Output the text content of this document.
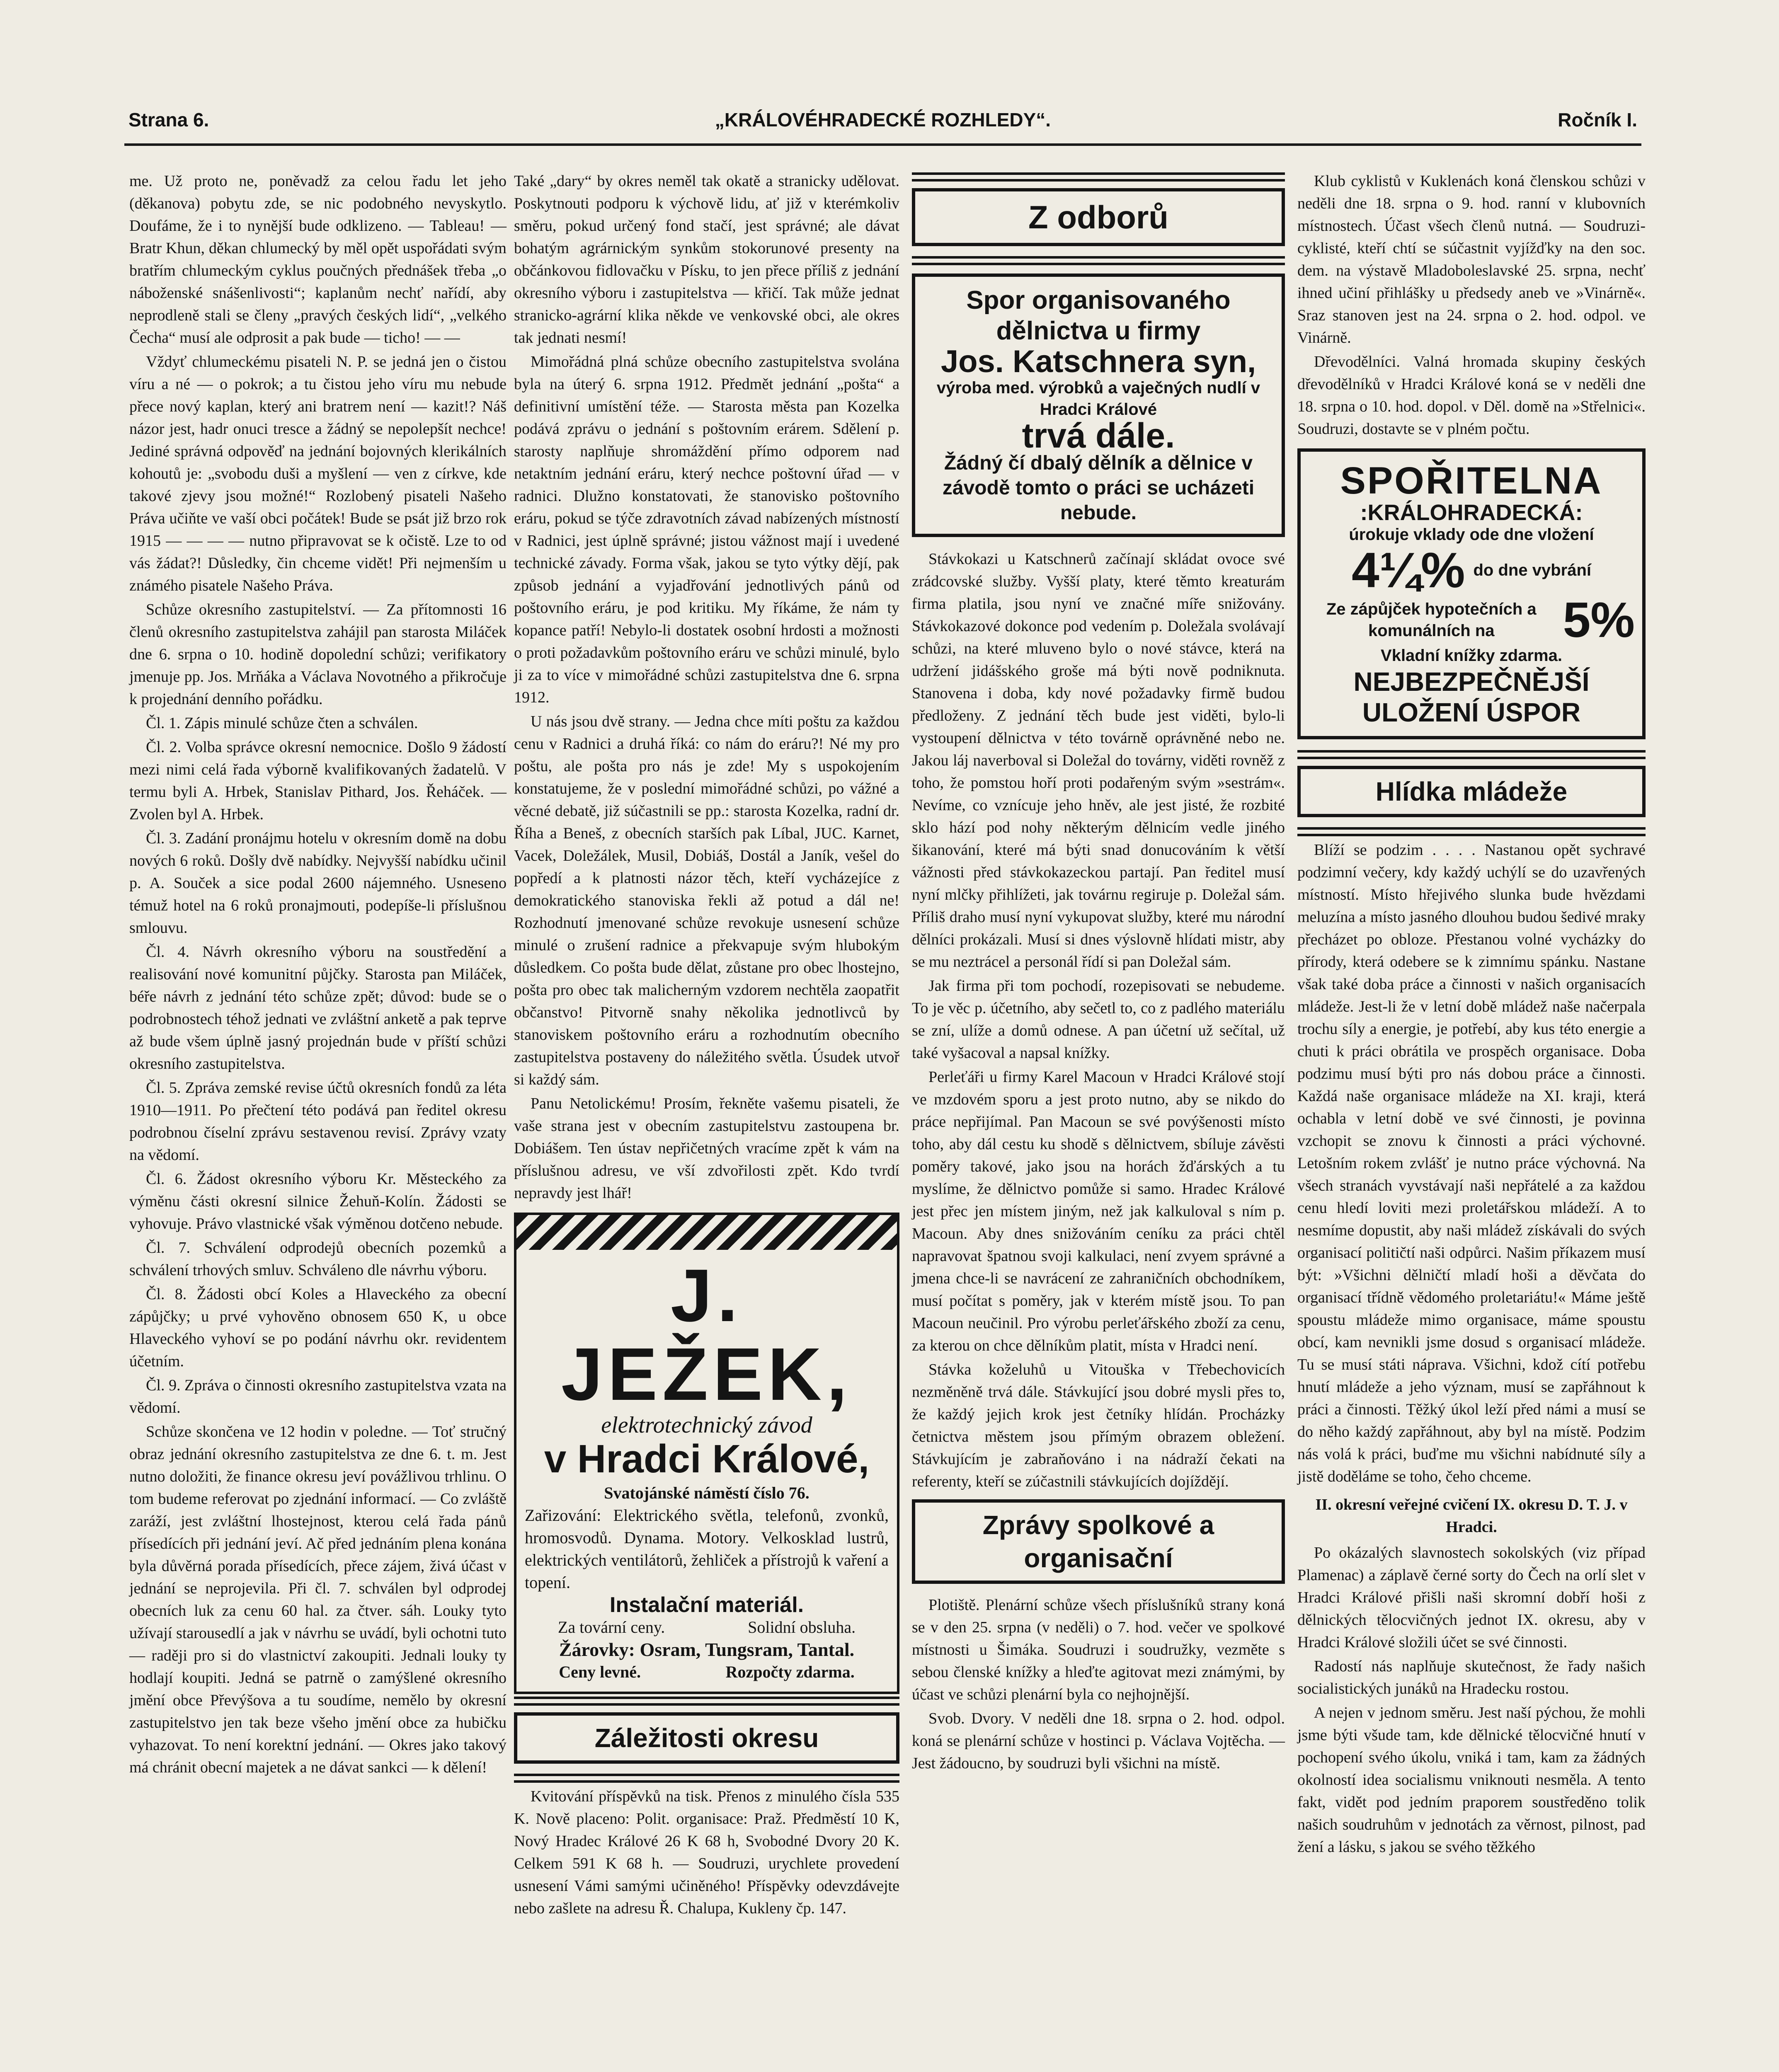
Strana 6.	„KRÁLOVÉHRADECKÉ ROZHLEDY“.	Ročník I.

me. Už proto ne, poněvadž za celou řadu let jeho (děkanova) pobytu zde, se nic podobného nevyskytlo. Doufáme, že i to nynější bude odklizeno. — Tableau! — Bratr Khun, děkan chlumecký by měl opět uspořádati svým bratřím chlumeckým cyklus poučných přednášek třeba „o náboženské snášenlivosti“; kaplanům nechť nařídí, aby neprodleně stali se členy „pravých českých lidí“, „velkého Čecha“ musí ale odprosit a pak bude — ticho! — —

Vždyť chlumeckému pisateli N. P. se jedná jen o čistou víru a né — o pokrok; a tu čistou jeho víru mu nebude přece nový kaplan, který ani bratrem není — kazit!? Náš názor jest, hadr onuci tresce a žádný se nepolepšít nechce! Jediné správná odpověď na jednání bojovných klerikálních kohoutů je: „svobodu duši a myšlení — ven z církve, kde takové zjevy jsou možné!“ Rozlobený pisateli Našeho Práva učiňte ve vaší obci počátek! Bude se psát již brzo rok 1915 — — — — nutno připravovat se k očistě. Lze to od vás žádat?! Důsledky, čin chceme vidět! Při nejmenším u známého pisatele Našeho Práva.

Schůze okresního zastupitelství. — Za přítomnosti 16 členů okresního zastupitelstva zahájil pan starosta Miláček dne 6. srpna o 10. hodině dopolední schůzi; verifikatory jmenuje pp. Jos. Mrňáka a Václava Novotného a přikročuje k projednání denního pořádku.

Čl. 1. Zápis minulé schůze čten a schválen.

Čl. 2. Volba správce okresní nemocnice. Došlo 9 žádostí mezi nimi celá řada výborně kvalifikovaných žadatelů. V termu byli A. Hrbek, Stanislav Pithard, Jos. Řeháček. — Zvolen byl A. Hrbek.

Čl. 3. Zadání pronájmu hotelu v okresním domě na dobu nových 6 roků. Došly dvě nabídky. Nejvyšší nabídku učinil p. A. Souček a sice podal 2600 nájemného. Usneseno témuž hotel na 6 roků pronajmouti, podepíše-li příslušnou smlouvu.

Čl. 4. Návrh okresního výboru na soustředění a realisování nové komunitní půjčky. Starosta pan Miláček, béře návrh z jednání této schůze zpět; důvod: bude se o podrobnostech téhož jednati ve zvláštní anketě a pak teprve až bude všem úplně jasný projednán bude v příští schůzi okresního zastupitelstva.

Čl. 5. Zpráva zemské revise účtů okresních fondů za léta 1910—1911. Po přečtení této podává pan ředitel okresu podrobnou číselní zprávu sestavenou revisí. Zprávy vzaty na vědomí.

Čl. 6. Žádost okresního výboru Kr. Městeckého za výměnu části okresní silnice Žehuň-Kolín. Žádosti se vyhovuje. Právo vlastnické však výměnou dotčeno nebude.

Čl. 7. Schválení odprodejů obecních pozemků a schválení trhových smluv. Schváleno dle návrhu výboru.

Čl. 8. Žádosti obcí Koles a Hlaveckého za obecní zápůjčky; u prvé vyhověno obnosem 650 K, u obce Hlaveckého vyhoví se po podání návrhu okr. revidentem účetním.

Čl. 9. Zpráva o činnosti okresního zastupitelstva vzata na vědomí.

Schůze skončena ve 12 hodin v poledne. — Toť stručný obraz jednání okresního zastupitelstva ze dne 6. t. m. Jest nutno doložiti, že finance okresu jeví povážlivou trhlinu. O tom budeme referovat po zjednání informací. — Co zvláště zaráží, jest zvláštní lhostejnost, kterou celá řada pánů přísedících při jednání jeví. Ač před jednáním plena konána byla důvěrná porada přísedících, přece zájem, živá účast v jednání se neprojevila. Při čl. 7. schválen byl odprodej obecních luk za cenu 60 hal. za čtver. sáh. Louky tyto užívají starousedlí a jak v návrhu se uvádí, byli ochotni tuto — raději pro si do vlastnictví zakoupiti. Jednali louky ty hodlají koupiti. Jedná se patrně o zamýšlené okresního jmění obce Převýšova a tu soudíme, nemělo by okresní zastupitelstvo jen tak beze všeho jmění obce za hubičku vyhazovat. To není korektní jednání. — Okres jako takový má chránit obecní majetek a ne dávat sankci — k dělení!

Také „dary“ by okres neměl tak okatě a stranicky udělovat. Poskytnouti podporu k výchově lidu, ať již v kterémkoliv směru, pokud určený fond stačí, jest správné; ale dávat bohatým agrárnickým synkům stokorunové presenty na občánkovou fidlovačku v Písku, to jen přece příliš z jednání okresního výboru i zastupitelstva — křičí. Tak může jednat stranicko-agrární klika někde ve venkovské obci, ale okres tak jednati nesmí!

Mimořádná plná schůze obecního zastupitelstva svolána byla na úterý 6. srpna 1912. Předmět jednání „pošta“ a definitivní umístění téže. — Starosta města pan Kozelka podává zprávu o jednání s poštovním erárem. Sdělení p. starosty naplňuje shromáždění přímo odporem nad netaktním jednání eráru, který nechce poštovní úřad — v radnici. Dlužno konstatovati, že stanovisko poštovního eráru, pokud se týče zdravotních závad nabízených místností v Radnici, jest úplně správné; jistou vážnost mají i uvedené technické závady. Forma však, jakou se tyto výtky dějí, pak způsob jednání a vyjadřování jednotlivých pánů od poštovního eráru, je pod kritiku. My říkáme, že nám ty kopance patří! Nebylo-li dostatek osobní hrdosti a možnosti o proti požadavkům poštovního eráru ve schůzi minulé, bylo ji za to více v mimořádné schůzi zastupitelstva dne 6. srpna 1912.

U nás jsou dvě strany. — Jedna chce míti poštu za každou cenu v Radnici a druhá říká: co nám do eráru?! Né my pro poštu, ale pošta pro nás je zde! My s uspokojením konstatujeme, že v poslední mimořádné schůzi, po vážné a věcné debatě, již súčastnili se pp.: starosta Kozelka, radní dr. Říha a Beneš, z obecních starších pak Líbal, JUC. Karnet, Vacek, Doležálek, Musil, Dobiáš, Dostál a Janík, vešel do popředí a k platnosti názor těch, kteří vycházejíce z demokratického stanoviska řekli až potud a dál ne! Rozhodnutí jmenované schůze revokuje usnesení schůze minulé o zrušení radnice a překvapuje svým hlubokým důsledkem. Co pošta bude dělat, zůstane pro obec lhostejno, pošta pro obec tak malicherným vzdorem nechtěla zaopatřit občanstvo! Pitvorně snahy několika jednotlivců by stanoviskem poštovního eráru a rozhodnutím obecního zastupitelstva postaveny do náležitého světla. Úsudek utvoř si každý sám.

Panu Netolickému! Prosím, řekněte vašemu pisateli, že vaše strana jest v obecním zastupitelstvu zastoupena br. Dobiášem. Ten ústav nepřičetných vracíme zpět k vám na příslušnou adresu, ve vší zdvořilosti zpět. Kdo tvrdí nepravdy jest lhář!

J. JEŽEK,
elektrotechnický závod
v Hradci Králové,
Svatojánské náměstí číslo 76.
Zařizování: Elektrického světla, telefonů, zvonků, hromosvodů. Dynama. Motory. Velkosklad lustrů, elektrických ventilátorů, žehliček a přístrojů k vaření a topení.
Instalační materiál.
Za tovární ceny.	Solidní obsluha.
Žárovky: Osram, Tungsram, Tantal.
Ceny levné.	Rozpočty zdarma.
Záležitosti okresu

Kvitování příspěvků na tisk. Přenos z minulého čísla 535 K. Nově placeno: Polit. organisace: Praž. Předměstí 10 K, Nový Hradec Králové 26 K 68 h, Svobodné Dvory 20 K. Celkem 591 K 68 h. — Soudruzi, urychlete provedení usnesení Vámi samými učiněného! Příspěvky odevzdávejte nebo zašlete na adresu Ř. Chalupa, Kukleny čp. 147.

Z odborů
Spor organisovaného dělnictva u firmy
Jos. Katschnera syn,
výroba med. výrobků a vaječných nudlí v Hradci Králové
trvá dále.
Žádný čí dbalý dělník a dělnice v závodě tomto o práci se ucházeti nebude.

Stávkokazi u Katschnerů začínají skládat ovoce své zrádcovské služby. Vyšší platy, které těmto kreaturám firma platila, jsou nyní ve značné míře snižovány. Stávkokazové dokonce pod vedením p. Doležala svolávají schůzi, na které mluveno bylo o nové stávce, která na udržení jidášského groše má býti nově podniknuta. Stanovena i doba, kdy nové požadavky firmě budou předloženy. Z jednání těch bude jest viděti, bylo-li vystoupení dělnictva v této továrně oprávněné nebo ne. Jakou láj naverboval si Doležal do továrny, viděti rovněž z toho, že pomstou hoří proti podařeným svým »sestrám«. Nevíme, co vznícuje jeho hněv, ale jest jisté, že rozbité sklo hází pod nohy některým dělnicím vedle jiného šikanování, které má býti snad donucováním k větší vážnosti před stávkokazeckou partají. Pan ředitel musí nyní mlčky přihlížeti, jak továrnu regiruje p. Doležal sám. Příliš draho musí nyní vykupovat služby, které mu národní dělníci prokázali. Musí si dnes výslovně hlídati mistr, aby se mu neztrácel a personál řídí si pan Doležal sám.

Jak firma při tom pochodí, rozepisovati se nebudeme. To je věc p. účetního, aby sečetl to, co z padlého materiálu se zní, ulíže a domů odnese. A pan účetní už sečítal, už také vyšacoval a napsal knížky.

Perleťáři u firmy Karel Macoun v Hradci Králové stojí ve mzdovém sporu a jest proto nutno, aby se nikdo do práce nepřijímal. Pan Macoun se své povýšenosti místo toho, aby dál cestu ku shodě s dělnictvem, sbíluje závěsti poměry takové, jako jsou na horách žďárských a tu myslíme, že dělnictvo pomůže si samo. Hradec Králové jest přec jen místem jiným, než jak kalkuloval s ním p. Macoun. Aby dnes snižováním ceníku za práci chtěl napravovat špatnou svoji kalkulaci, není zvyem správné a jmena chce-li se navrácení ze zahraničních obchodníkem, musí počítat s poměry, jak v kterém místě jsou. To pan Macoun neučinil. Pro výrobu perleťářského zboží za cenu, za kterou on chce dělníkům platit, místa v Hradci není.

Stávka koželuhů u Vitouška v Třebechovicích nezměněně trvá dále. Stávkující jsou dobré mysli přes to, že každý jejich krok jest četníky hlídán. Procházky četnictva městem jsou přímým obrazem obležení. Stávkujícím je zabraňováno i na nádraží čekati na referenty, kteří se zúčastnili stávkujících dojíždějí.

Zprávy spolkové a organisační

Plotiště. Plenární schůze všech příslušníků strany koná se v den 25. srpna (v neděli) o 7. hod. večer ve spolkové místnosti u Šimáka. Soudruzi i soudružky, vezměte s sebou členské knížky a hleďte agitovat mezi známými, by účast ve schůzi plenární byla co nejhojnější.

Svob. Dvory. V neděli dne 18. srpna o 2. hod. odpol. koná se plenární schůze v hostinci p. Václava Vojtěcha. — Jest žádoucno, by soudruzi byli všichni na místě.

Klub cyklistů v Kuklenách koná členskou schůzi v neděli dne 18. srpna o 9. hod. ranní v klubovních místnostech. Účast všech členů nutná. — Soudruzi-cyklisté, kteří chtí se súčastnit vyjížďky na den soc. dem. na výstavě Mladoboleslavské 25. srpna, nechť ihned učiní přihlášky u předsedy aneb ve »Vinárně«. Sraz stanoven jest na 24. srpna o 2. hod. odpol. ve Vinárně.

Dřevodělníci. Valná hromada skupiny českých dřevodělníků v Hradci Králové koná se v neděli dne 18. srpna o 10. hod. dopol. v Děl. domě na »Střelnici«. Soudruzi, dostavte se v plném počtu.

SPOŘITELNA
:KRÁLOHRADECKÁ:
úrokuje vklady ode dne vložení
4¼% do dne vybrání
Ze zápůjček hypotečních a komunálních na	5%
Vkladní knížky zdarma.
NEJBEZPEČNĚJŠÍ
ULOŽENÍ ÚSPOR
Hlídka mládeže

Blíží se podzim . . . . Nastanou opět sychravé podzimní večery, kdy každý uchýlí se do uzavřených místností. Místo hřejivého slunka bude hvězdami meluzína a místo jasného dlouhou budou šedivé mraky přecházet po obloze. Přestanou volné vycházky do přírody, která odebere se k zimnímu spánku. Nastane však také doba práce a činnosti v našich organisacích mládeže. Jest-li že v letní době mládež naše načerpala trochu síly a energie, je potřebí, aby kus této energie a chuti k práci obrátila ve prospěch organisace. Doba podzimu musí býti pro nás dobou práce a činnosti. Každá naše organisace mládeže na XI. kraji, která ochabla v letní době ve své činnosti, je povinna vzchopit se znovu k činnosti a práci výchovné. Letošním rokem zvlášť je nutno práce výchovná. Na všech stranách vyvstávají naši nepřátelé a za každou cenu hledí loviti mezi proletářskou mládeží. A to nesmíme dopustit, aby naši mládež získávali do svých organisací političtí naši odpůrci. Našim příkazem musí být: »Všichni dělničtí mladí hoši a děvčata do organisací třídně vědomého proletariátu!« Máme ještě spoustu mládeže mimo organisace, máme spoustu obcí, kam nevnikli jsme dosud s organisací mládeže. Tu se musí státi náprava. Všichni, kdož cítí potřebu hnutí mládeže a jeho význam, musí se zapřáhnout k práci a činnosti. Těžký úkol leží před námi a musí se do něho každý zapřáhnout, aby byl na místě. Podzim nás volá k práci, buďme mu všichni nabídnuté síly a jistě doděláme se toho, čeho chceme.

II. okresní veřejné cvičení IX. okresu D. T. J. v Hradci.

Po okázalých slavnostech sokolských (viz případ Plamenac) a záplavě černé sorty do Čech na orlí slet v Hradci Králové přišli naši skromní dobří hoši z dělnických tělocvičných jednot IX. okresu, aby v Hradci Králové složili účet se své činnosti.

Radostí nás naplňuje skutečnost, že řady našich socialistických junáků na Hradecku rostou.

A nejen v jednom směru. Jest naší pýchou, že mohli jsme býti všude tam, kde dělnické tělocvičné hnutí v pochopení svého úkolu, vniká i tam, kam za žádných okolností idea socialismu vniknouti nesměla. A tento fakt, vidět pod jedním praporem soustředěno tolik našich soudruhům v jednotách za věrnost, pilnost, pad žení a lásku, s jakou se svého těžkého
